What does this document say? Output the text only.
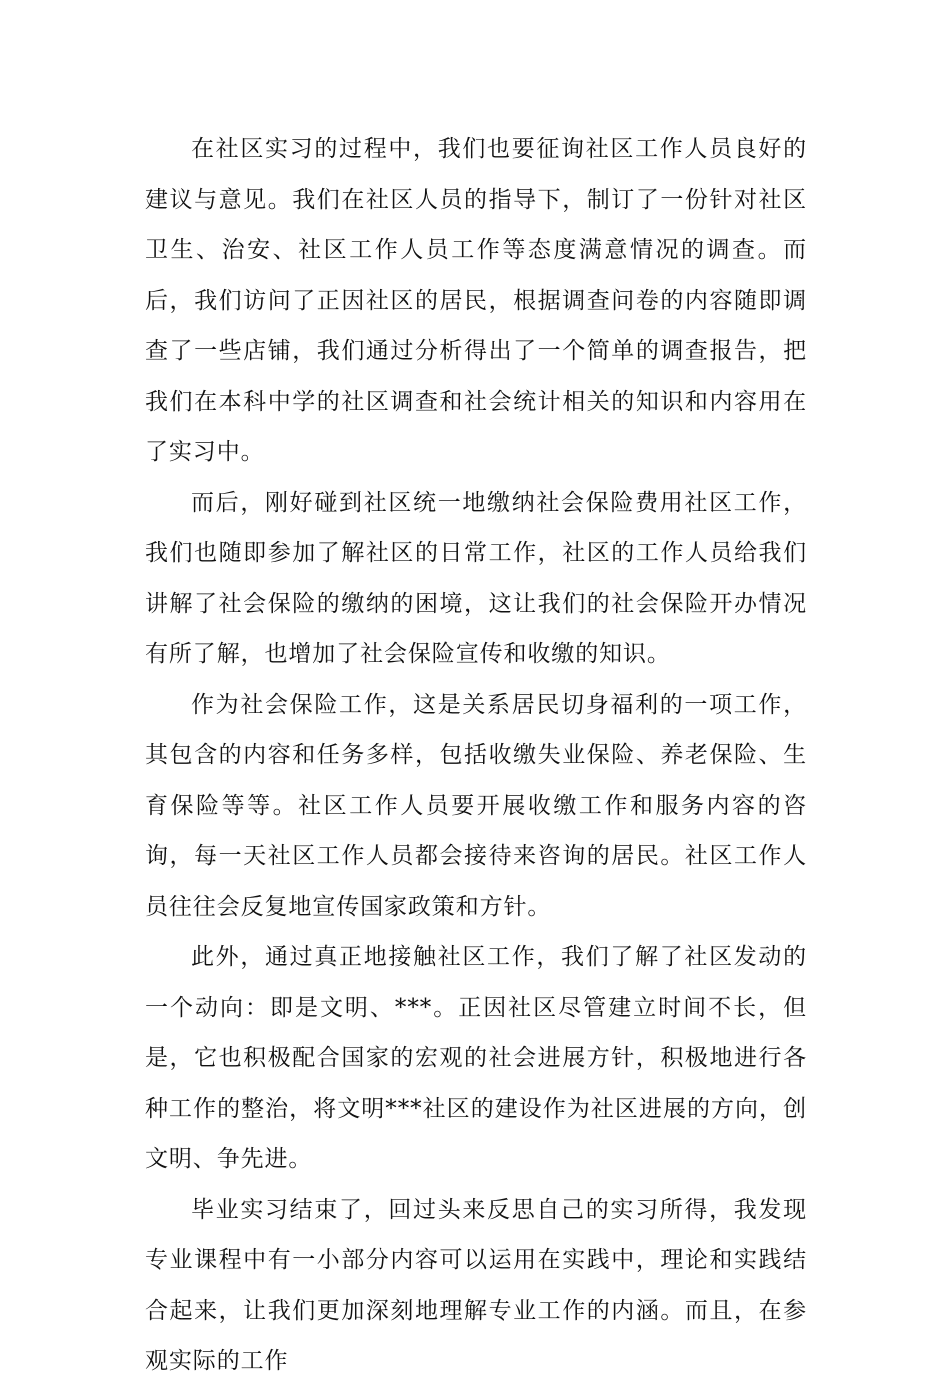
在社区实习的过程中，我们也要征询社区工作人员良好的建议与意见。我们在社区人员的指导下，制订了一份针对社区卫生、治安、社区工作人员工作等态度满意情况的调查。而后，我们访问了正因社区的居民，根据调查问卷的内容随即调查了一些店铺，我们通过分析得出了一个简单的调查报告，把我们在本科中学的社区调查和社会统计相关的知识和内容用在了实习中。

而后，刚好碰到社区统一地缴纳社会保险费用社区工作，我们也随即参加了解社区的日常工作，社区的工作人员给我们讲解了社会保险的缴纳的困境，这让我们的社会保险开办情况有所了解，也增加了社会保险宣传和收缴的知识。

作为社会保险工作，这是关系居民切身福利的一项工作，其包含的内容和任务多样，包括收缴失业保险、养老保险、生育保险等等。社区工作人员要开展收缴工作和服务内容的咨询，每一天社区工作人员都会接待来咨询的居民。社区工作人员往往会反复地宣传国家政策和方针。

此外，通过真正地接触社区工作，我们了解了社区发动的一个动向：即是文明、***。正因社区尽管建立时间不长，但是，它也积极配合国家的宏观的社会进展方针，积极地进行各种工作的整治，将文明***社区的建设作为社区进展的方向，创文明、争先进。

毕业实习结束了，回过头来反思自己的实习所得，我发现专业课程中有一小部分内容可以运用在实践中，理论和实践结合起来，让我们更加深刻地理解专业工作的内涵。而且，在参观实际的工作
